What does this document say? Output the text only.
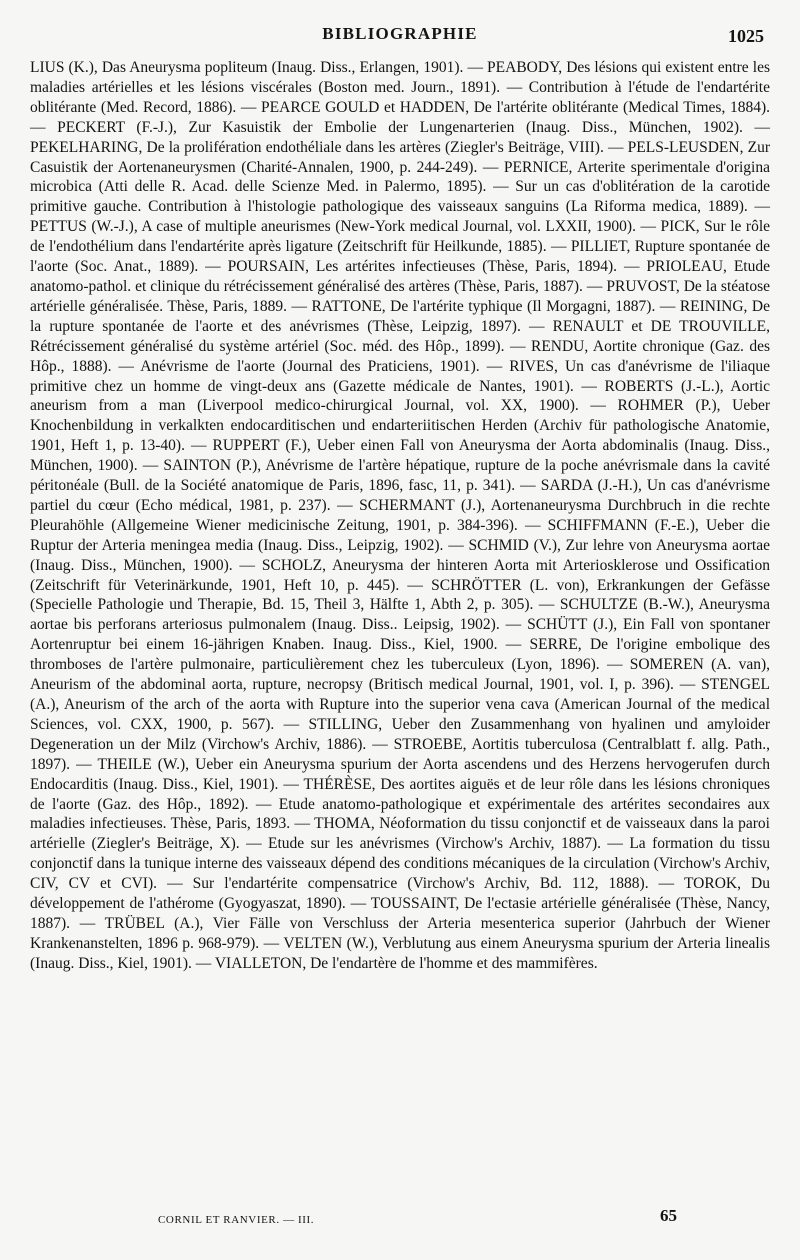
BIBLIOGRAPHIE	1025

LIUS (K.), Das Aneurysma popliteum (Inaug. Diss., Erlangen, 1901). — PEABODY, Des lésions qui existent entre les maladies artérielles et les lésions viscérales (Boston med. Journ., 1891). — Contribution à l'étude de l'endartérite oblitérante (Med. Record, 1886). — PEARCE GOULD et HADDEN, De l'artérite oblitérante (Medical Times, 1884). — PECKERT (F.-J.), Zur Kasuistik der Embolie der Lungenarterien (Inaug. Diss., München, 1902). — PEKELHARING, De la prolifération endothéliale dans les artères (Ziegler's Beiträge, VIII). — PELS-LEUSDEN, Zur Casuistik der Aortenaneurysmen (Charité-Annalen, 1900, p. 244-249). — PERNICE, Arterite sperimentale d'origina microbica (Atti delle R. Acad. delle Scienze Med. in Palermo, 1895). — Sur un cas d'oblitération de la carotide primitive gauche. Contribution à l'histologie pathologique des vaisseaux sanguins (La Riforma medica, 1889). — PETTUS (W.-J.), A case of multiple aneurismes (New-York medical Journal, vol. LXXII, 1900). — PICK, Sur le rôle de l'endothélium dans l'endartérite après ligature (Zeitschrift für Heilkunde, 1885). — PILLIET, Rupture spontanée de l'aorte (Soc. Anat., 1889). — POURSAIN, Les artérites infectieuses (Thèse, Paris, 1894). — PRIOLEAU, Etude anatomo-pathol. et clinique du rétrécissement généralisé des artères (Thèse, Paris, 1887). — PRUVOST, De la stéatose artérielle généralisée. Thèse, Paris, 1889. — RATTONE, De l'artérite typhique (Il Morgagni, 1887). — REINING, De la rupture spontanée de l'aorte et des anévrismes (Thèse, Leipzig, 1897). — RENAULT et DE TROUVILLE, Rétrécissement généralisé du système artériel (Soc. méd. des Hôp., 1899). — RENDU, Aortite chronique (Gaz. des Hôp., 1888). — Anévrisme de l'aorte (Journal des Praticiens, 1901). — RIVES, Un cas d'anévrisme de l'iliaque primitive chez un homme de vingt-deux ans (Gazette médicale de Nantes, 1901). — ROBERTS (J.-L.), Aortic aneurism from a man (Liverpool medico-chirurgical Journal, vol. XX, 1900). — ROHMER (P.), Ueber Knochenbildung in verkalkten endocarditischen und endarteriitischen Herden (Archiv für pathologische Anatomie, 1901, Heft 1, p. 13-40). — RUPPERT (F.), Ueber einen Fall von Aneurysma der Aorta abdominalis (Inaug. Diss., München, 1900). — SAINTON (P.), Anévrisme de l'artère hépatique, rupture de la poche anévrismale dans la cavité péritonéale (Bull. de la Société anatomique de Paris, 1896, fasc, 11, p. 341). — SARDA (J.-H.), Un cas d'anévrisme partiel du cœur (Echo médical, 1981, p. 237). — SCHERMANT (J.), Aortenaneurysma Durchbruch in die rechte Pleurahöhle (Allgemeine Wiener medicinische Zeitung, 1901, p. 384-396). — SCHIFFMANN (F.-E.), Ueber die Ruptur der Arteria meningea media (Inaug. Diss., Leipzig, 1902). — SCHMID (V.), Zur lehre von Aneurysma aortae (Inaug. Diss., München, 1900). — SCHOLZ, Aneurysma der hinteren Aorta mit Arteriosklerose und Ossification (Zeitschrift für Veterinärkunde, 1901, Heft 10, p. 445). — SCHRÖTTER (L. von), Erkrankungen der Gefässe (Specielle Pathologie und Therapie, Bd. 15, Theil 3, Hälfte 1, Abth 2, p. 305). — SCHULTZE (B.-W.), Aneurysma aortae bis perforans arteriosus pulmonalem (Inaug. Diss.. Leipsig, 1902). — SCHÜTT (J.), Ein Fall von spontaner Aortenruptur bei einem 16-jährigen Knaben. Inaug. Diss., Kiel, 1900. — SERRE, De l'origine embolique des thromboses de l'artère pulmonaire, particulièrement chez les tuberculeux (Lyon, 1896). — SOMEREN (A. van), Aneurism of the abdominal aorta, rupture, necropsy (Britisch medical Journal, 1901, vol. I, p. 396). — STENGEL (A.), Aneurism of the arch of the aorta with Rupture into the superior vena cava (American Journal of the medical Sciences, vol. CXX, 1900, p. 567). — STILLING, Ueber den Zusammenhang von hyalinen und amyloider Degeneration un der Milz (Virchow's Archiv, 1886). — STROEBE, Aortitis tuberculosa (Centralblatt f. allg. Path., 1897). — THEILE (W.), Ueber ein Aneurysma spurium der Aorta ascendens und des Herzens hervogerufen durch Endocarditis (Inaug. Diss., Kiel, 1901). — THÉRÈSE, Des aortites aiguës et de leur rôle dans les lésions chroniques de l'aorte (Gaz. des Hôp., 1892). — Etude anatomo-pathologique et expérimentale des artérites secondaires aux maladies infectieuses. Thèse, Paris, 1893. — THOMA, Néoformation du tissu conjonctif et de vaisseaux dans la paroi artérielle (Ziegler's Beiträge, X). — Etude sur les anévrismes (Virchow's Archiv, 1887). — La formation du tissu conjonctif dans la tunique interne des vaisseaux dépend des conditions mécaniques de la circulation (Virchow's Archiv, CIV, CV et CVI). — Sur l'endartérite compensatrice (Virchow's Archiv, Bd. 112, 1888). — TOROK, Du développement de l'athérome (Gyogyaszat, 1890). — TOUSSAINT, De l'ectasie artérielle généralisée (Thèse, Nancy, 1887). — TRÜBEL (A.), Vier Fälle von Verschluss der Arteria mesenterica superior (Jahrbuch der Wiener Krankenanstelten, 1896 p. 968-979). — VELTEN (W.), Verblutung aus einem Aneurysma spurium der Arteria linealis (Inaug. Diss., Kiel, 1901). — VIALLETON, De l'endartère de l'homme et des mammifères.

CORNIL ET RANVIER. — III.	65
